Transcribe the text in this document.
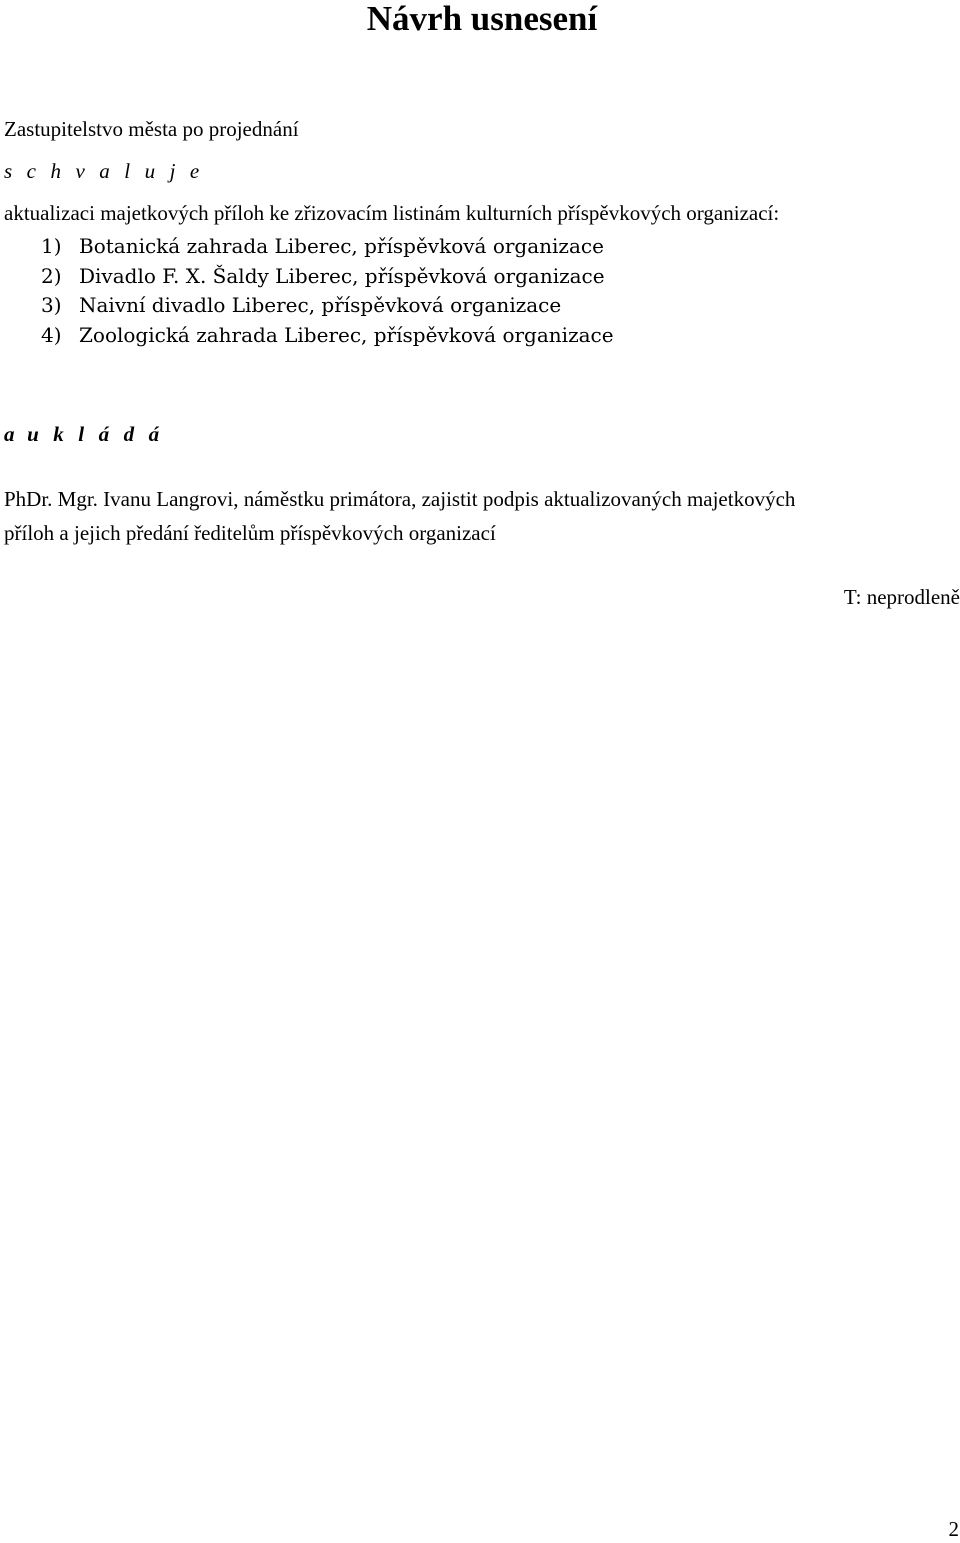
Návrh usnesení
Zastupitelstvo města po projednání
s c h v a l u j e
aktualizaci majetkových příloh ke zřizovacím listinám kulturních příspěvkových organizací:
1) Botanická zahrada Liberec, příspěvková organizace
2) Divadlo F. X. Šaldy Liberec, příspěvková organizace
3) Naivní divadlo Liberec, příspěvková organizace
4) Zoologická zahrada Liberec, příspěvková organizace
a u k l á d á
PhDr. Mgr. Ivanu Langrovi, náměstku primátora, zajistit podpis aktualizovaných majetkových
příloh a jejich předání ředitelům příspěvkových organizací
T: neprodleně
2
